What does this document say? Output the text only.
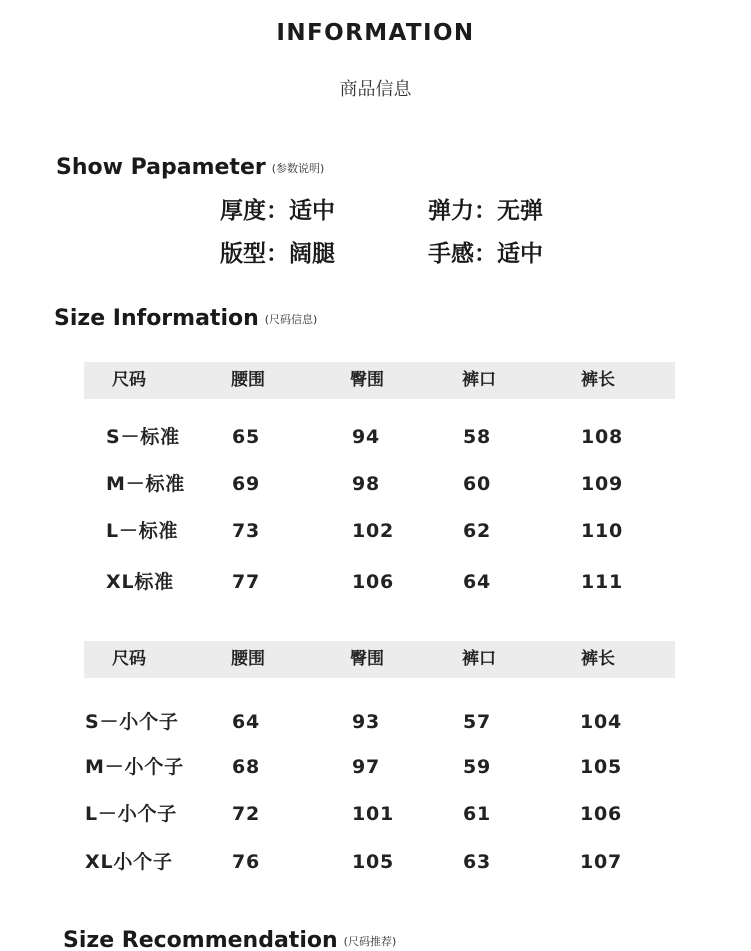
INFORMATION
商品信息
Show Papameter (参数说明)
厚度：适中	弹力：无弹
版型：阔腿	手感：适中
Size Information (尺码信息)
尺码	腰围	臀围	裤口	裤长
S－标准	65	94	58	108
M－标准 69	98	60	109
L－标准	73	102	62	110
XL标准	77	106	64	111
尺码	腰围	臀围	裤口	裤长
S－小个子	64	93	57	104
M－小个子	68	97	59	105
L－小个子	72	101	61	106
XL小个子	76	105	63	107
Size Recommendation (尺码推荐)
